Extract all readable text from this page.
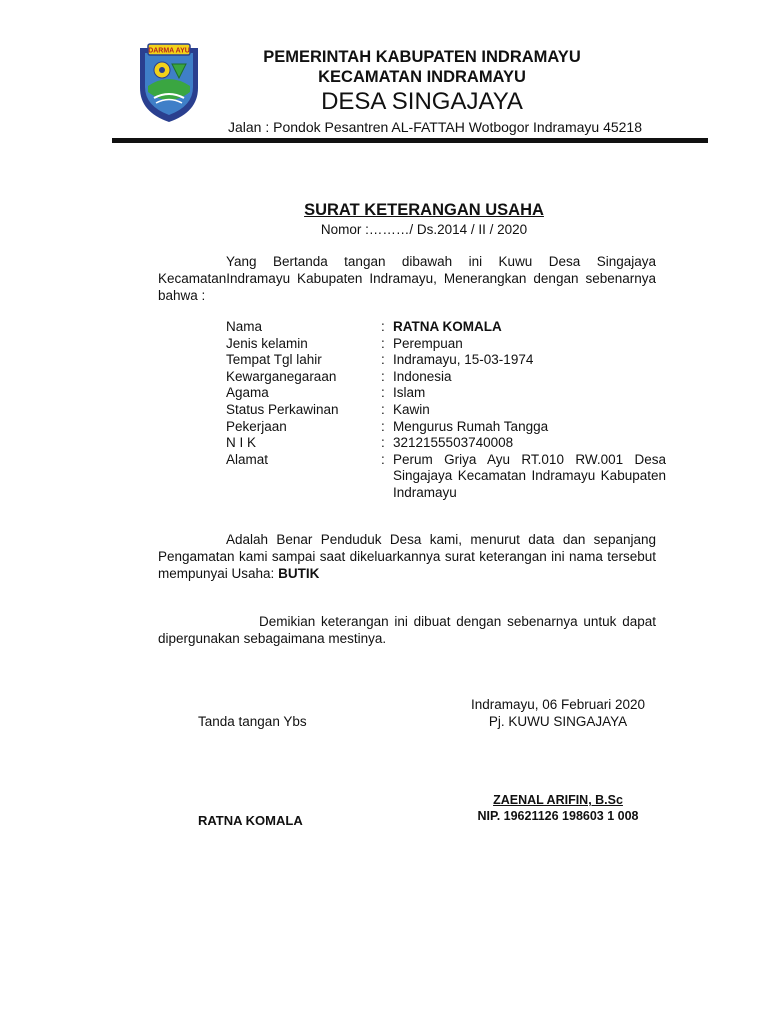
DARMA AYU	PEMERINTAH KABUPATEN INDRAMAYU
KECAMATAN INDRAMAYU
DESA SINGAJAYA
Jalan : Pondok Pesantren AL-FATTAH Wotbogor Indramayu 45218
SURAT KETERANGAN USAHA
Nomor :………/ Ds.2014 / II / 2020
Yang Bertanda tangan dibawah ini Kuwu Desa Singajaya KecamatanIndramayu Kabupaten Indramayu, Menerangkan dengan sebenarnya bahwa :
Nama	: RATNA KOMALA
Jenis kelamin	: Perempuan
Tempat Tgl lahir	: Indramayu, 15-03-1974
Kewarganegaraan	: Indonesia
Agama	: Islam
Status Perkawinan	: Kawin
Pekerjaan	: Mengurus Rumah Tangga
N I K	: 3212155503740008
Alamat	: Perum Griya Ayu RT.010 RW.001 Desa Singajaya Kecamatan Indramayu Kabupaten Indramayu
Adalah Benar Penduduk Desa kami, menurut data dan sepanjang Pengamatan kami sampai saat dikeluarkannya surat keterangan ini nama tersebut mempunyai Usaha: BUTIK
Demikian keterangan ini dibuat dengan sebenarnya untuk dapat dipergunakan sebagaimana mestinya.
Indramayu, 06 Februari 2020
Pj. KUWU SINGAJAYA
Tanda tangan Ybs
ZAENAL ARIFIN, B.Sc
NIP. 19621126 198603 1 008
RATNA KOMALA
